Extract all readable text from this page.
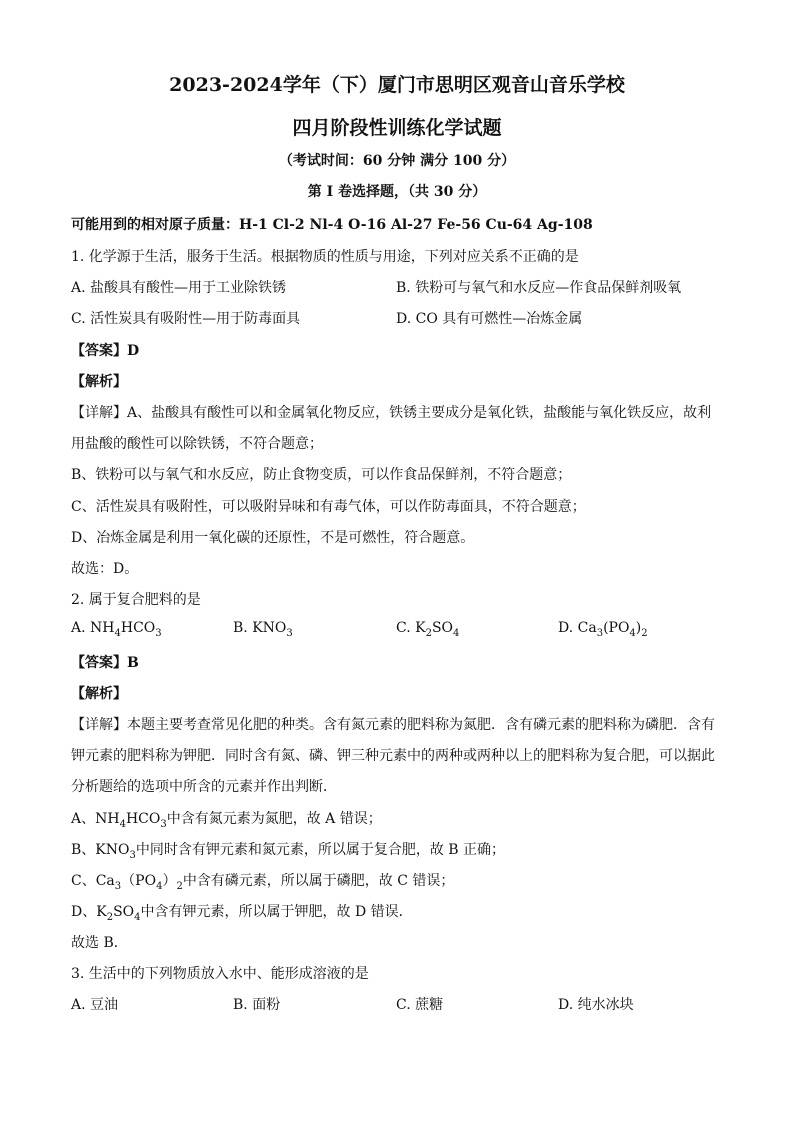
2023-2024学年（下）厦门市思明区观音山音乐学校
四月阶段性训练化学试题
（考试时间：60 分钟 满分 100 分）
第 I 卷选择题，（共 30 分）
可能用到的相对原子质量：H-1 Cl-2 Nl-4 O-16 Al-27 Fe-56 Cu-64 Ag-108
1. 化学源于生活，服务于生活。根据物质的性质与用途，下列对应关系不正确的是
A. 盐酸具有酸性—用于工业除铁锈	B. 铁粉可与氧气和水反应—作食品保鲜剂吸氧
C. 活性炭具有吸附性—用于防毒面具	D. CO 具有可燃性—冶炼金属
【答案】D
【解析】
【详解】A、盐酸具有酸性可以和金属氧化物反应，铁锈主要成分是氧化铁，盐酸能与氧化铁反应，故利
用盐酸的酸性可以除铁锈，不符合题意；
B、铁粉可以与氧气和水反应，防止食物变质，可以作食品保鲜剂，不符合题意；
C、活性炭具有吸附性，可以吸附异味和有毒气体，可以作防毒面具，不符合题意；
D、冶炼金属是利用一氧化碳的还原性，不是可燃性，符合题意。
故选：D。
2. 属于复合肥料的是
A. $NH_4HCO_3$	B. $KNO_3$	C. $K_2SO_4$	D. $Ca_3(PO_4)_2$
【答案】B
【解析】
【详解】本题主要考查常见化肥的种类。含有氮元素的肥料称为氮肥．含有磷元素的肥料称为磷肥．含有
钾元素的肥料称为钾肥．同时含有氮、磷、钾三种元素中的两种或两种以上的肥料称为复合肥，可以据此
分析题给的选项中所含的元素并作出判断．
A、$NH_4HCO_3$中含有氮元素为氮肥，故 A 错误；
B、$KNO_3$中同时含有钾元素和氮元素，所以属于复合肥，故 B 正确；
C、$Ca_3(PO_4)_2$中含有磷元素，所以属于磷肥，故 C 错误；
D、$K_2SO_4$中含有钾元素，所以属于钾肥，故 D 错误．
故选 B．
3. 生活中的下列物质放入水中、能形成溶液的是
A. 豆油	B. 面粉	C. 蔗糖	D. 纯水冰块
